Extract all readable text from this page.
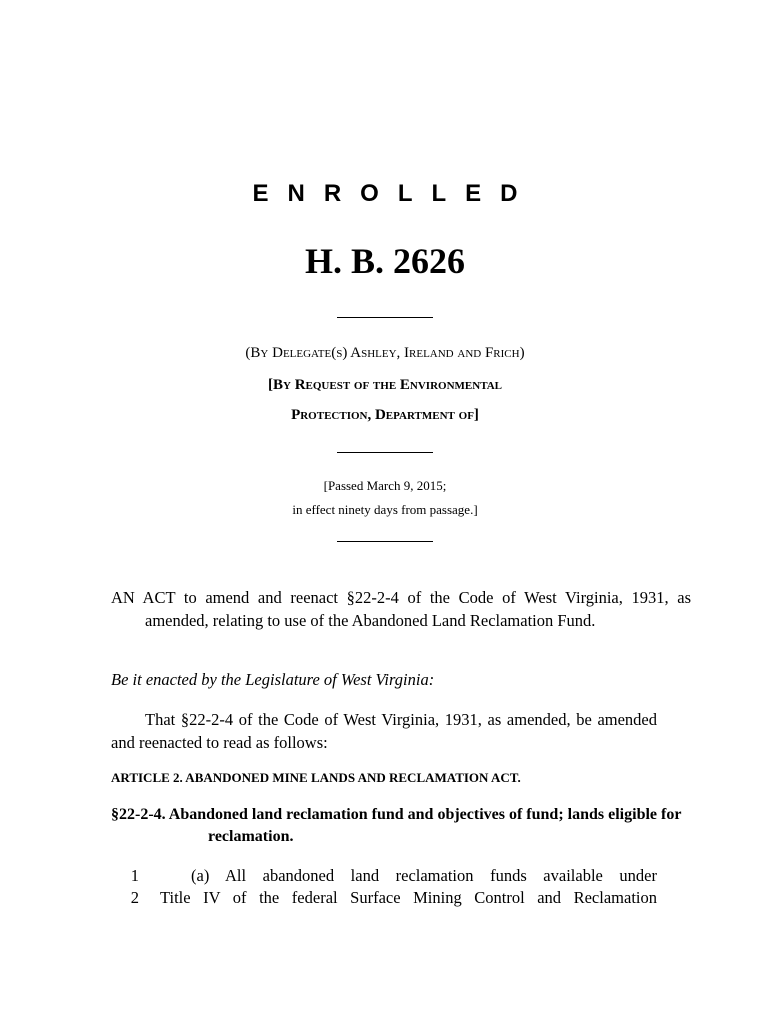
ENROLLED
H. B. 2626
(By Delegate(s) Ashley, Ireland and Frich)
[By Request of the Environmental
Protection, Department of]
[Passed March 9, 2015;
in effect ninety days from passage.]
AN ACT to amend and reenact §22-2-4 of the Code of West Virginia, 1931, as amended, relating to use of the Abandoned Land Reclamation Fund.
Be it enacted by the Legislature of West Virginia:
That §22-2-4 of the Code of West Virginia, 1931, as amended, be amended and reenacted to read as follows:
ARTICLE 2. ABANDONED MINE LANDS AND RECLAMATION ACT.
§22-2-4. Abandoned land reclamation fund and objectives of fund; lands eligible for reclamation.
1	(a) All abandoned land reclamation funds available under
2 Title IV of the federal Surface Mining Control and Reclamation
